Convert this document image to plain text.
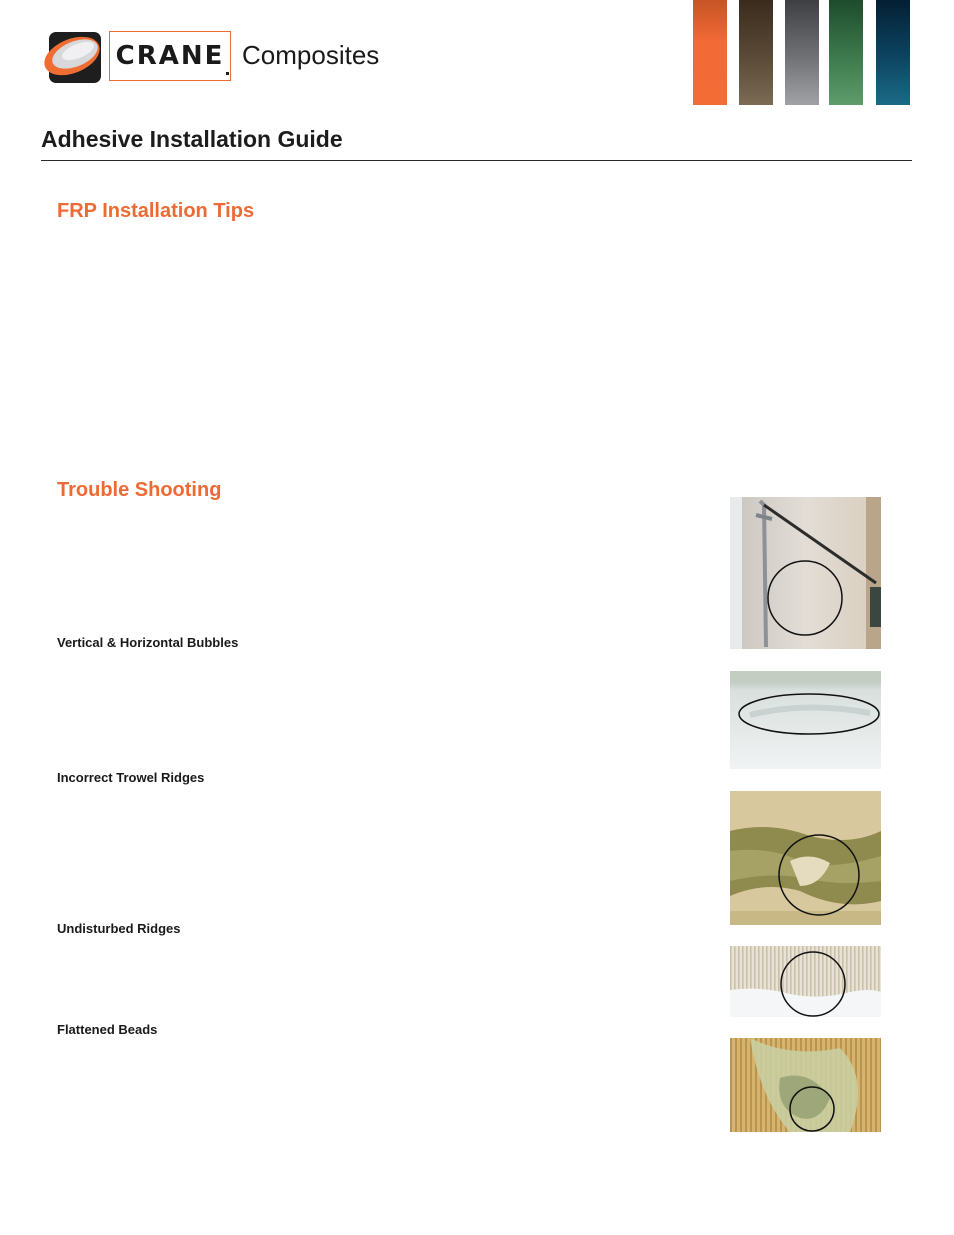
CRANE Composites
Adhesive Installation Guide
FRP Installation Tips
Trouble Shooting
Vertical & Horizontal Bubbles
Incorrect Trowel Ridges
Undisturbed Ridges
Flattened Beads
